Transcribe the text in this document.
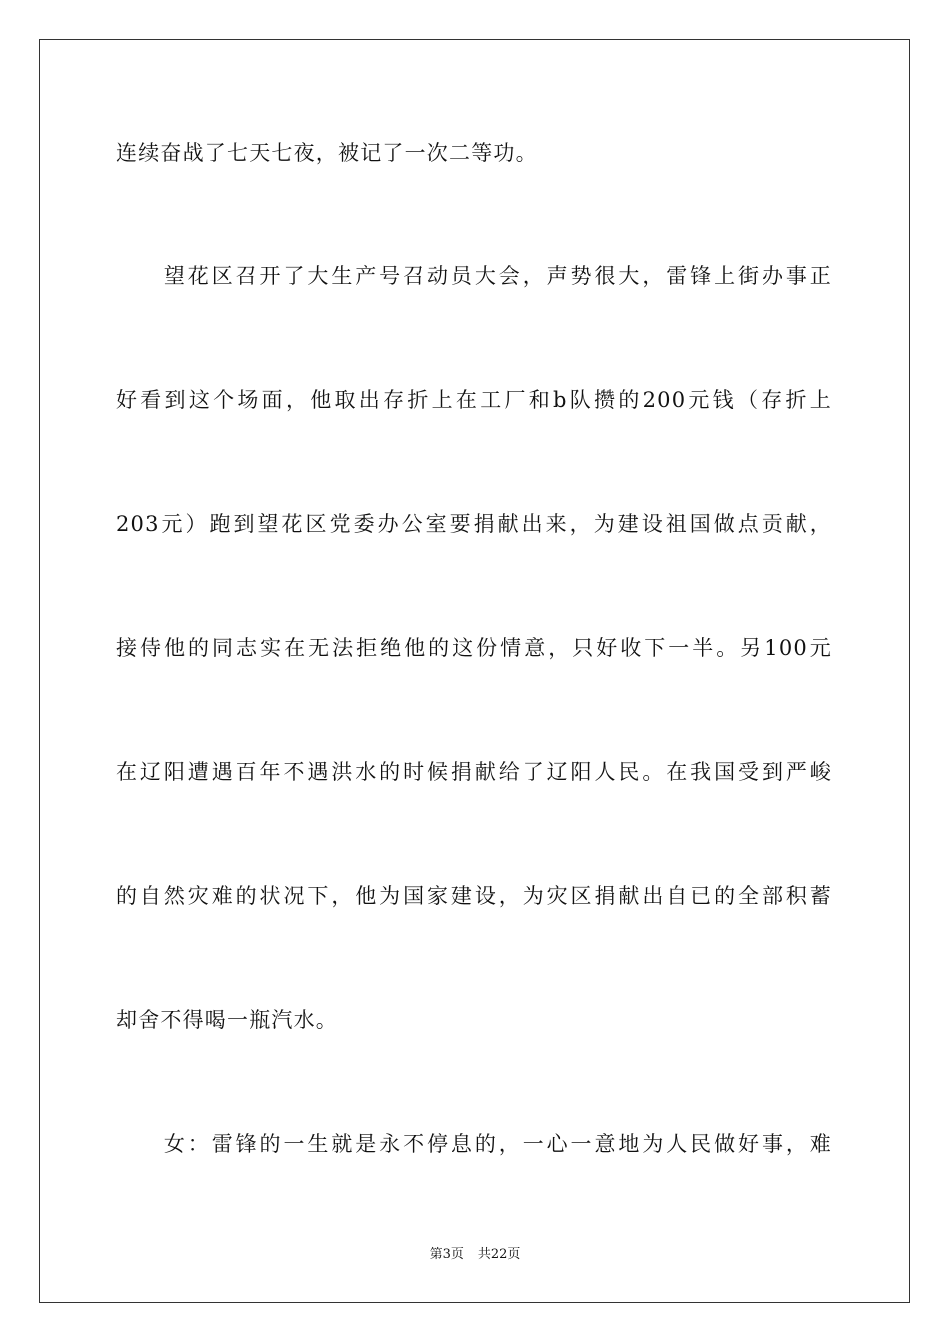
连续奋战了七天七夜，被记了一次二等功。
　　望花区召开了大生产号召动员大会，声势很大，雷锋上街办事正
好看到这个场面，他取出存折上在工厂和b队攒的200元钱（存折上
203元）跑到望花区党委办公室要捐献出来，为建设祖国做点贡献，
接侍他的同志实在无法拒绝他的这份情意，只好收下一半。另100元
在辽阳遭遇百年不遇洪水的时候捐献给了辽阳人民。在我国受到严峻
的自然灾难的状况下，他为国家建设，为灾区捐献出自已的全部积蓄
却舍不得喝一瓶汽水。
　　女：雷锋的一生就是永不停息的，一心一意地为人民做好事，难
第3页 共22页
